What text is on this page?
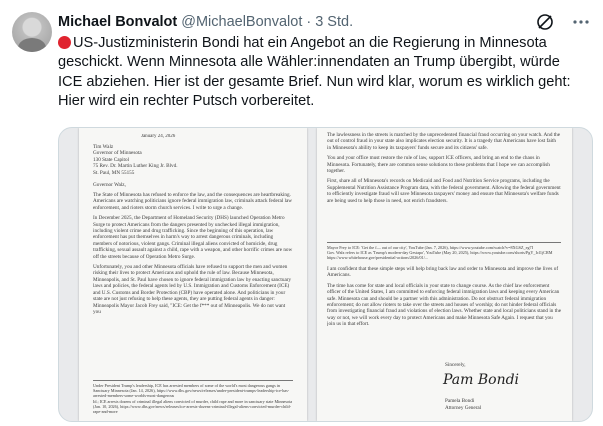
Michael Bonvalot @MichaelBonvalot · 3 Std.
US-Justizministerin Bondi hat ein Angebot an die Regierung in Minnesota geschickt. Wenn Minnesota alle Wähler:innendaten an Trump übergibt, würde ICE abziehen. Hier ist der gesamte Brief. Nun wird klar, worum es wirklich geht: Hier wird ein rechter Putsch vorbereitet.
January 24, 2026
Tim Walz
Governor of Minnesota
130 State Capitol
75 Rev. Dr. Martin Luther King Jr. Blvd.
St. Paul, MN 55155
Governor Walz,

The State of Minnesota has refused to enforce the law, and the consequences are heartbreaking. Americans are watching politicians ignore federal immigration law, criminals attack federal law enforcement, and rioters storm church services. I write to urge a change.

In December 2025, the Department of Homeland Security (DHS) launched Operation Metro Surge to protect Americans from the dangers presented by unchecked illegal immigration, including violent crime and drug trafficking. Since the beginning of this operation, law enforcement has put themselves in harm's way to arrest dangerous criminals, including members of notorious, violent gangs. Criminal illegal aliens convicted of homicide, drug trafficking, sexual assault against a child, rape with a weapon, and other horrific crimes are now off the streets because of Operation Metro Surge.

Unfortunately, you and other Minnesota officials have refused to support the men and women risking their lives to protect Americans and uphold the rule of law. Because Minnesota, Minneapolis, and St. Paul have chosen to ignore federal immigration law by enacting sanctuary laws and policies, the federal agents led by U.S. Immigration and Customs Enforcement (ICE) and U.S. Customs and Border Protection (CBP) have operated alone. And politicians in your state are not just refusing to help these agents, they are putting federal agents in danger: Minneapolis Mayor Jacob Frey said, "ICE: Get the f*** out of Minneapolis. We do not want you

Under President Trump's leadership, ICE has arrested members of some of the world's most dangerous gangs in Sanctuary Minnesota (Jan. 14, 2026), https://www.dhs.gov/news/releases/under-president-trumps-leadership-ice-has-arrested-members-some-worlds-most-dangerous
Id.; ICE arrests dozens of criminal illegal aliens convicted of murder, child rape and more in sanctuary state Minnesota (Jan. 10, 2026), https://www.dhs.gov/news/releases/ice-arrests-dozens-criminal-illegal-aliens-convicted-murder-child-rape-and-more

The lawlessness in the streets is matched by the unprecedented financial fraud occurring on your watch. And the out of control fraud in your state also implicates election security. It is a tragedy that Americans have lost faith in Minnesota's ability to keep its taxpayers' funds secure and its citizens' safe.

You and your office must restore the rule of law, support ICE officers, and bring an end to the chaos in Minnesota. Fortunately, there are common sense solutions to these problems that I hope we can accomplish together.

First, share all of Minnesota's records on Medicaid and Food and Nutrition Service programs, including the Supplemental Nutrition Assistance Program data, with the federal government. Allowing the federal government to efficiently investigate fraud will save Minnesota taxpayers' money and ensure that Minnesota's welfare funds are being used to help those in need, not enrich fraudsters.

Mayor Frey to ICE: 'Get the f— out of our city', YouTube (Jan. 7, 2026), https://www.youtube.com/watch?v=8XGSZ_eg7I
Gov. Walz refers to ICE as 'Trump's modern-day Gestapo', YouTube (May 20, 2025), https://www.youtube.com/shorts/PgY_Icl1jCRM
https://www.whitehouse.gov/presidential-actions/2026/01/...

I am confident that these simple steps will help bring back law and order to Minnesota and improve the lives of Americans.

The time has come for state and local officials in your state to change course. As the chief law enforcement officer of the United States, I am committed to enforcing federal immigration laws and keeping every American safe. Minnesota can and should be a partner with this administration. Do not obstruct federal immigration enforcement; do not allow rioters to take over the streets and houses of worship; do not hinder federal officials from investigating financial fraud and violations of election laws. Whether state and local politicians stand in the way or not, we will work every day to protect Americans and make Minnesota Safe Again. I request that you join us in that effort.

Sincerely,
Pam Bondi
Pamela Bondi
Attorney General
